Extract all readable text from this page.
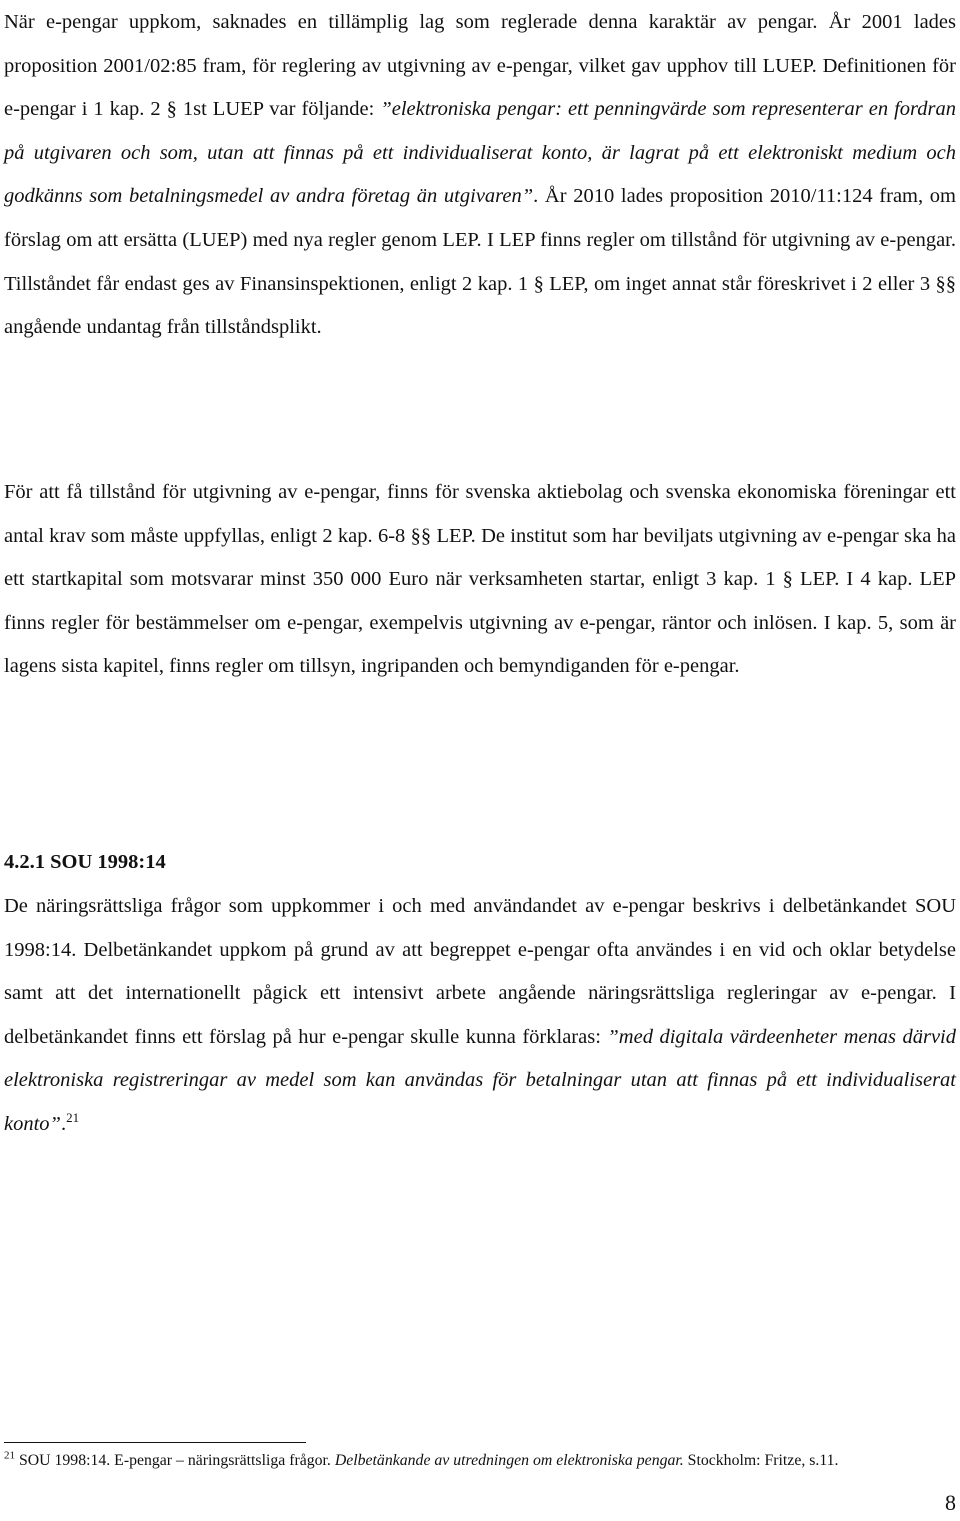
När e-pengar uppkom, saknades en tillämplig lag som reglerade denna karaktär av pengar. År 2001 lades proposition 2001/02:85 fram, för reglering av utgivning av e-pengar, vilket gav upphov till LUEP. Definitionen för e-pengar i 1 kap. 2 § 1st LUEP var följande: ”elektroniska pengar: ett penningvärde som representerar en fordran på utgivaren och som, utan att finnas på ett individualiserat konto, är lagrat på ett elektroniskt medium och godkänns som betalningsmedel av andra företag än utgivaren”. År 2010 lades proposition 2010/11:124 fram, om förslag om att ersätta (LUEP) med nya regler genom LEP. I LEP finns regler om tillstånd för utgivning av e-pengar. Tillståndet får endast ges av Finansinspektionen, enligt 2 kap. 1 § LEP, om inget annat står föreskrivet i 2 eller 3 §§ angående undantag från tillståndsplikt.

För att få tillstånd för utgivning av e-pengar, finns för svenska aktiebolag och svenska ekonomiska föreningar ett antal krav som måste uppfyllas, enligt 2 kap. 6-8 §§ LEP. De institut som har beviljats utgivning av e-pengar ska ha ett startkapital som motsvarar minst 350 000 Euro när verksamheten startar, enligt 3 kap. 1 § LEP. I 4 kap. LEP finns regler för bestämmelser om e-pengar, exempelvis utgivning av e-pengar, räntor och inlösen. I kap. 5, som är lagens sista kapitel, finns regler om tillsyn, ingripanden och bemyndiganden för e-pengar.

4.2.1 SOU 1998:14

De näringsrättsliga frågor som uppkommer i och med användandet av e-pengar beskrivs i delbetänkandet SOU 1998:14. Delbetänkandet uppkom på grund av att begreppet e-pengar ofta användes i en vid och oklar betydelse samt att det internationellt pågick ett intensivt arbete angående näringsrättsliga regleringar av e-pengar. I delbetänkandet finns ett förslag på hur e-pengar skulle kunna förklaras: ”med digitala värdeenheter menas därvid elektroniska registreringar av medel som kan användas för betalningar utan att finnas på ett individualiserat konto”.$^{21}$

$^{21}$ SOU 1998:14. E-pengar – näringsrättsliga frågor. Delbetänkande av utredningen om elektroniska pengar. Stockholm: Fritze, s.11.

8
